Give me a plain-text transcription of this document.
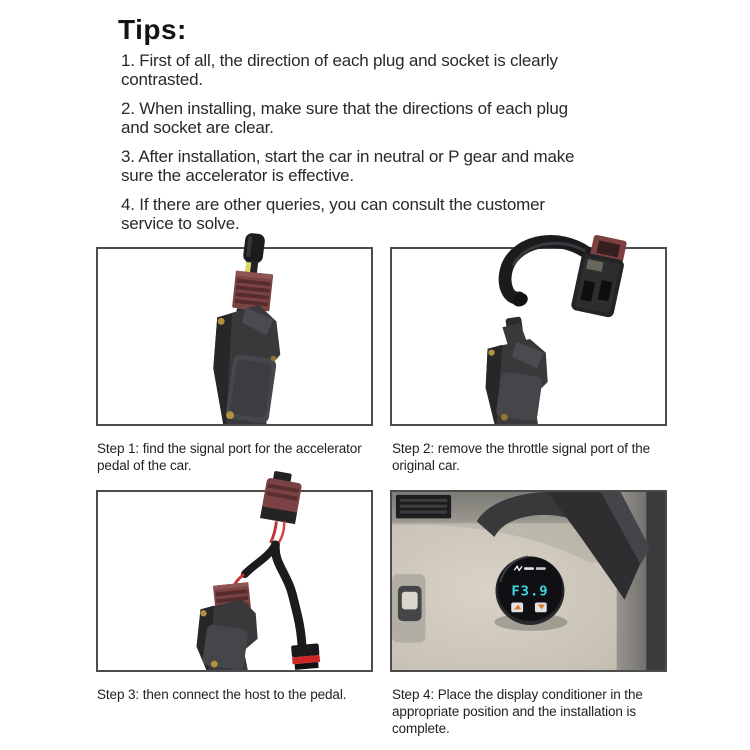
Tips:
1. First of all, the direction of each plug and socket is clearly
contrasted.
2. When installing, make sure that the directions of each plug
and socket are clear.
3. After installation, start the car in neutral or P gear and make
sure the accelerator is effective.
4. If there are other queries, you can consult the customer
service to solve.
F3.9
Step 1: find the signal port for the accelerator
pedal of the car.
Step 2: remove the throttle signal port of the
original car.
Step 3: then connect the host to the pedal.	Step 4: Place the display conditioner in the
appropriate position and the installation is
complete.
